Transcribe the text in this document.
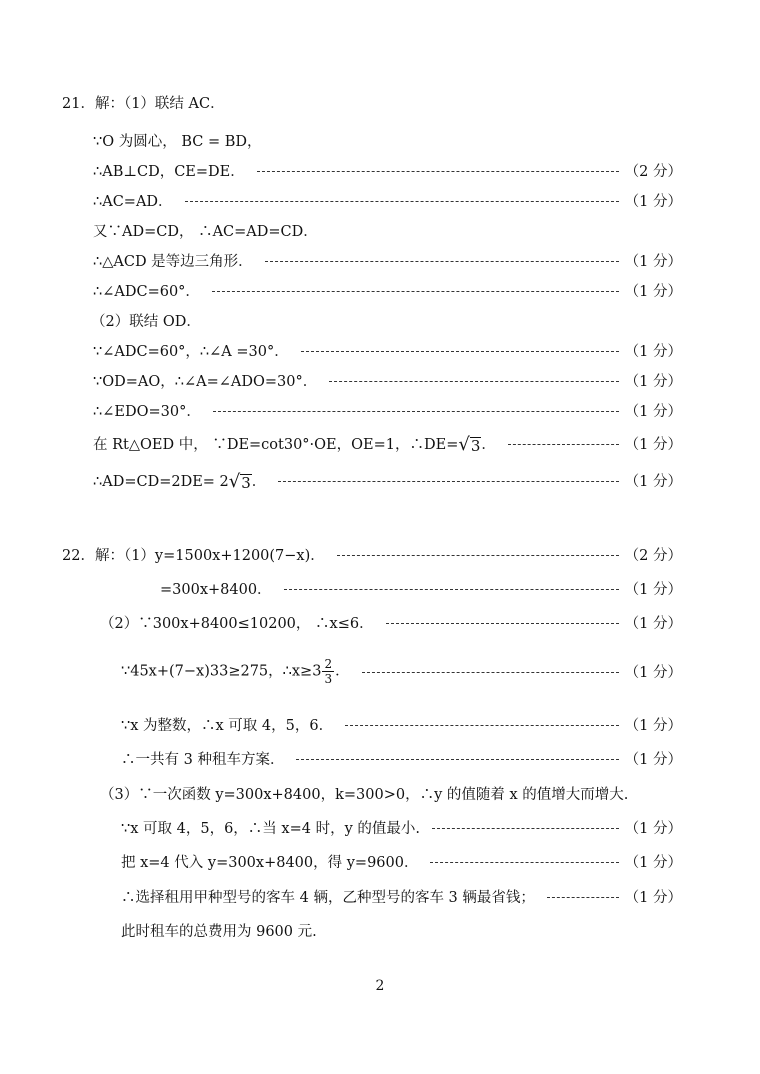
21．解：（1）联结 AC．
∵O 为圆心， BC = BD，
∴AB⊥CD，CE=DE．	（2 分）
∴AC=AD．	（1 分）
又∵AD=CD， ∴AC=AD=CD．
∴△ACD 是等边三角形．	（1 分）
∴∠ADC=60°．	（1 分）
（2）联结 OD．
∵∠ADC=60°，∴∠A =30°．	（1 分）
∵OD=AO，∴∠A=∠ADO=30°．	（1 分）
∴∠EDO=30°．	（1 分）
在 Rt△OED 中， ∵DE=cot30°·OE，OE=1，∴DE= √ 3 ．	（1 分）
∴AD=CD=2DE= 2 √ 3 ．	（1 分）
22．解：（1）y=1500x+1200(7−x)．	（2 分）
=300x+8400．	（1 分）
（2）∵300x+8400≤10200， ∴x≤6．	（1 分）
∵45x+(7−x)33≥275，∴x≥3 $\frac{2}{3}$ ．	（1 分）
∵x 为整数，∴x 可取 4，5，6．	（1 分）
∴一共有 3 种租车方案．	（1 分）
（3）∵一次函数 y=300x+8400，k=300>0，∴y 的值随着 x 的值增大而增大.
∵x 可取 4，5，6，∴当 x=4 时，y 的值最小.	（1 分）
把 x=4 代入 y=300x+8400，得 y=9600．	（1 分）
∴选择租用甲种型号的客车 4 辆，乙种型号的客车 3 辆最省钱；	（1 分）
此时租车的总费用为 9600 元.
2
